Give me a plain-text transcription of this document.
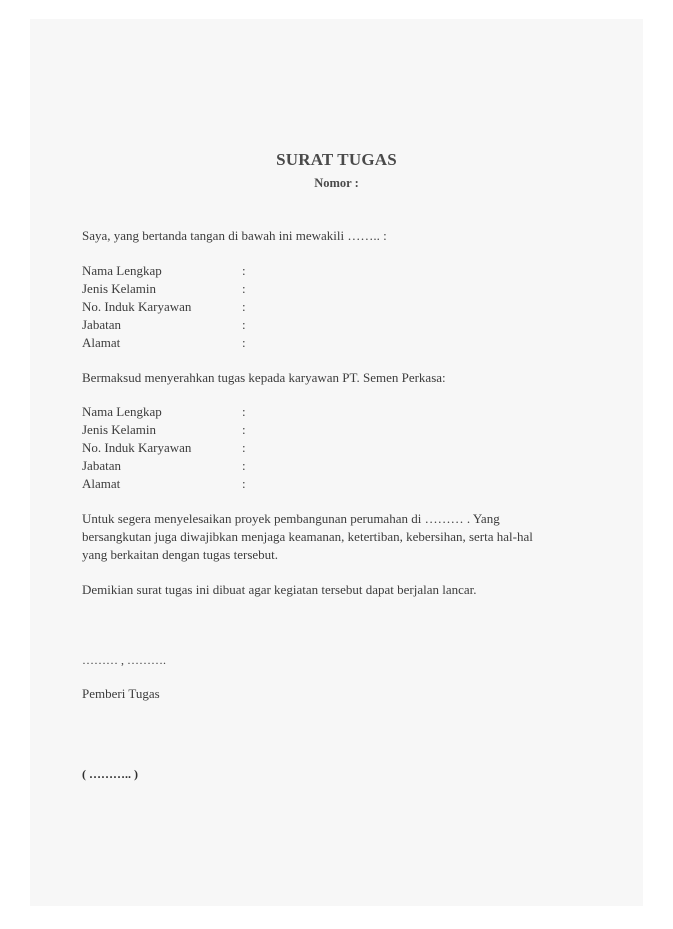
SURAT TUGAS
Nomor :
Saya, yang bertanda tangan di bawah ini mewakili …….. :
Nama Lengkap	:
Jenis Kelamin	:
No. Induk Karyawan	:
Jabatan	:
Alamat	:
Bermaksud menyerahkan tugas kepada karyawan PT. Semen Perkasa:
Nama Lengkap	:
Jenis Kelamin	:
No. Induk Karyawan	:
Jabatan	:
Alamat	:
Untuk segera menyelesaikan proyek pembangunan perumahan di ……… . Yang
bersangkutan juga diwajibkan menjaga keamanan, ketertiban, kebersihan, serta hal-hal
yang berkaitan dengan tugas tersebut.
Demikian surat tugas ini dibuat agar kegiatan tersebut dapat berjalan lancar.
……… , ……….
Pemberi Tugas
( ……….. )
